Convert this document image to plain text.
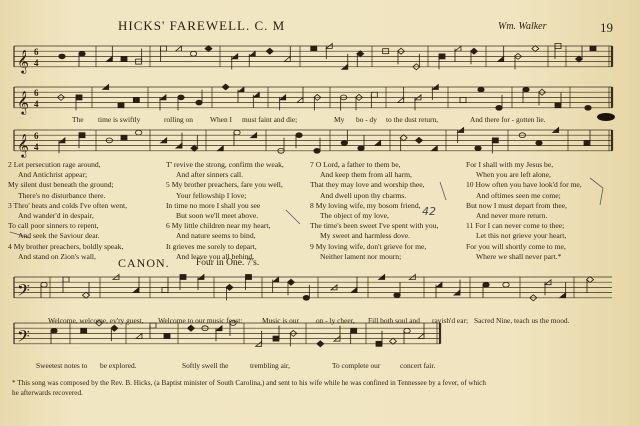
HICKS' FAREWELL. C. M	Wm. Walker	19
𝄞 6
4
𝄞 6
4
𝄞 6
4
𝄢
𝄢
The time is swiftly	rolling on When I must faint and die;	My bo - dy to the dust return,	And there for - gotten lie.
2 Let persecution rage around,
And Antichrist appear;
My silent dust beneath the ground;
There's no disturbance there.
3 Thro' heats and colds I've often went,
And wander'd in despair,
To call poor sinners to repent,
And seek the Saviour dear.
4 My brother preachers, boldly speak,
And stand on Zion's wall,
T' revive the strong, confirm the weak,
And after sinners call.
5 My brother preachers, fare you well,
Your fellowship I love;
In time no more I shall you see
But soon we'll meet above.
6 My little children near my heart,
And nature seems to bind,
It grieves me sorely to depart,
And leave you all behind.
7 O Lord, a father to them be,
And keep them from all harm,
That they may love and worship thee,
And dwell upon thy charms.
8 My loving wife, my bosom friend,
The object of my love,
The time's been sweet I've spent with you,
My sweet and harmless dove.
9 My loving wife, don't grieve for me,
Neither lament nor mourn;
For I shall with my Jesus be,
When you are left alone,
10 How often you have look'd for me,
And oftimes seen me come;
But now I must depart from thee,
And never more return.
11 For I can never come to thee;
Let this not grieve your heart,
For you will shortly come to me,
Where we shall never part.*
42
CANON.	Four in One. 7's.
Welcome, welcome, ev'ry guest, Welcome to our music feast:	Music is our on - ly cheer, Fill both soul and ravish'd ear; Sacred Nine, teach us the mood.
Sweetest notes to be explored.	Softly swell the	trembling air,	To complete our	concert fair.
* This song was composed by the Rev. B. Hicks, (a Baptist minister of South Carolina,) and sent to his wife while he was confined in Tennessee by a fever, of which
he afterwards recovered.
